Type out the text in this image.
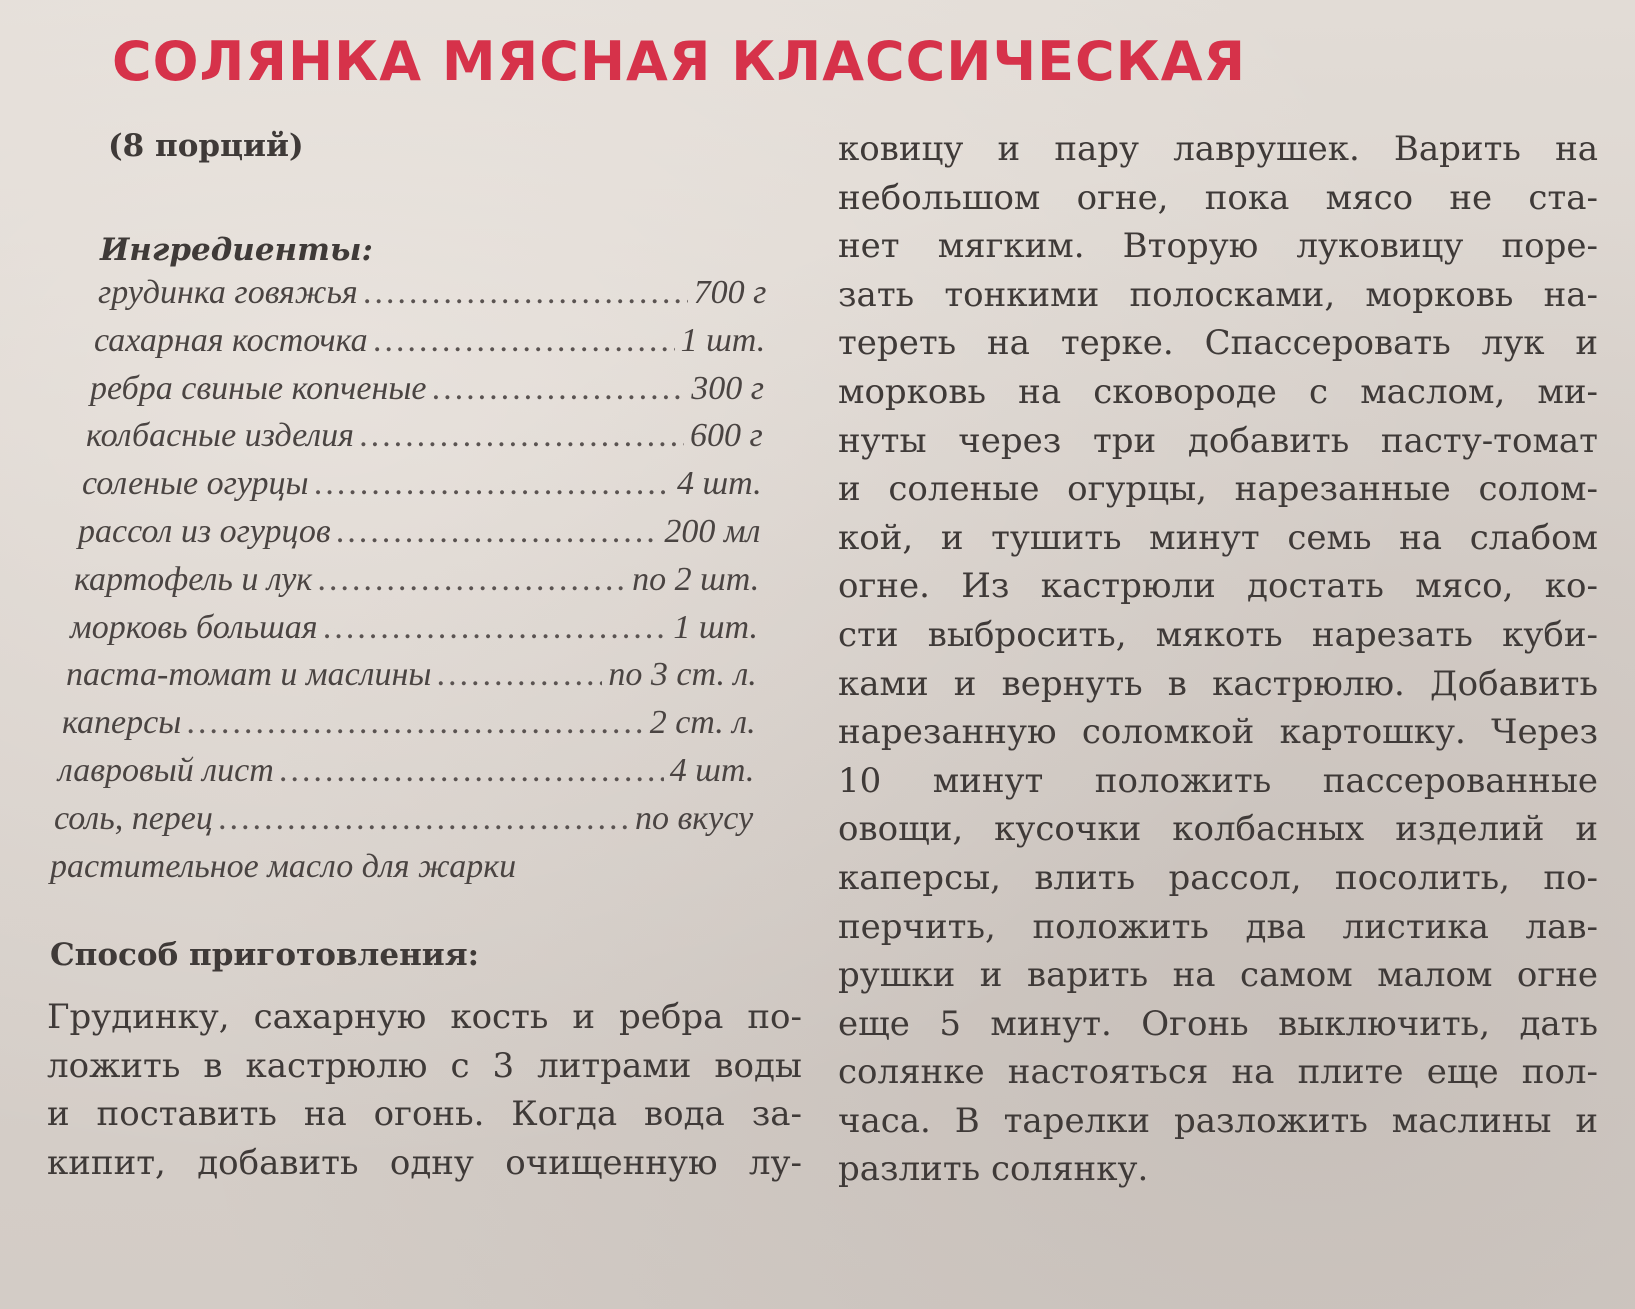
СОЛЯНКА МЯСНАЯ КЛАССИЧЕСКАЯ
(8 порций)
Ингредиенты:
грудинка говяжья .....	700 г
сахарная косточка .....	1 шт.
ребра свиные копченые .....	300 г
колбасные изделия .....	600 г
соленые огурцы .....	4 шт.
рассол из огурцов .....	200 мл
картофель и лук .....	по 2 шт.
морковь большая .....	1 шт.
паста-томат и маслины .....	по 3 ст. л.
каперсы .....	2 ст. л.
лавровый лист .....	4 шт.
соль, перец .....	по вкусу
растительное масло для жарки
Способ приготовления:
Грудинку, сахарную кость и ребра по-
ложить в кастрюлю с 3 литрами воды
и поставить на огонь. Когда вода за-
кипит, добавить одну очищенную лу-
ковицу и пару лаврушек. Варить на
небольшом огне, пока мясо не ста-
нет мягким. Вторую луковицу поре-
зать тонкими полосками, морковь на-
тереть на терке. Спассеровать лук и
морковь на сковороде с маслом, ми-
нуты через три добавить пасту-томат
и соленые огурцы, нарезанные солом-
кой, и тушить минут семь на слабом
огне. Из кастрюли достать мясо, ко-
сти выбросить, мякоть нарезать куби-
ками и вернуть в кастрюлю. Добавить
нарезанную соломкой картошку. Через
10 минут положить пассерованные
овощи, кусочки колбасных изделий и
каперсы, влить рассол, посолить, по-
перчить, положить два листика лав-
рушки и варить на самом малом огне
еще 5 минут. Огонь выключить, дать
солянке настояться на плите еще пол-
часа. В тарелки разложить маслины и
разлить солянку.
